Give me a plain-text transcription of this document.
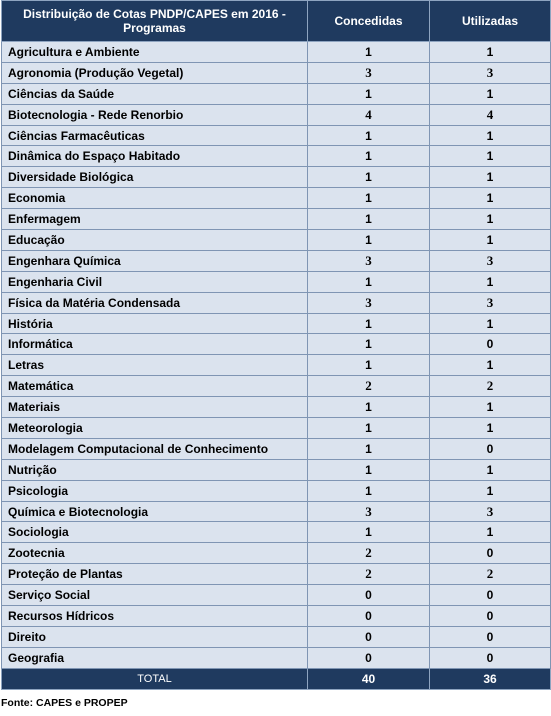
Distribuição de Cotas PNDP/CAPES em 2016 - Programas	Concedidas	Utilizadas
Agricultura e Ambiente	1	1
Agronomia (Produção Vegetal)	3	3
Ciências da Saúde	1	1
Biotecnologia - Rede Renorbio	4	4
Ciências Farmacêuticas	1	1
Dinâmica do Espaço Habitado	1	1
Diversidade Biológica	1	1
Economia	1	1
Enfermagem	1	1
Educação	1	1
Engenhara Química	3	3
Engenharia Civil	1	1
Física da Matéria Condensada	3	3
História	1	1
Informática	1	0
Letras	1	1
Matemática	2	2
Materiais	1	1
Meteorologia	1	1
Modelagem Computacional de Conhecimento	1	0
Nutrição	1	1
Psicologia	1	1
Química e Biotecnologia	3	3
Sociologia	1	1
Zootecnia	2	0
Proteção de Plantas	2	2
Serviço Social	0	0
Recursos Hídricos	0	0
Direito	0	0
Geografia	0	0
TOTAL	40	36
Fonte: CAPES e PROPEP
